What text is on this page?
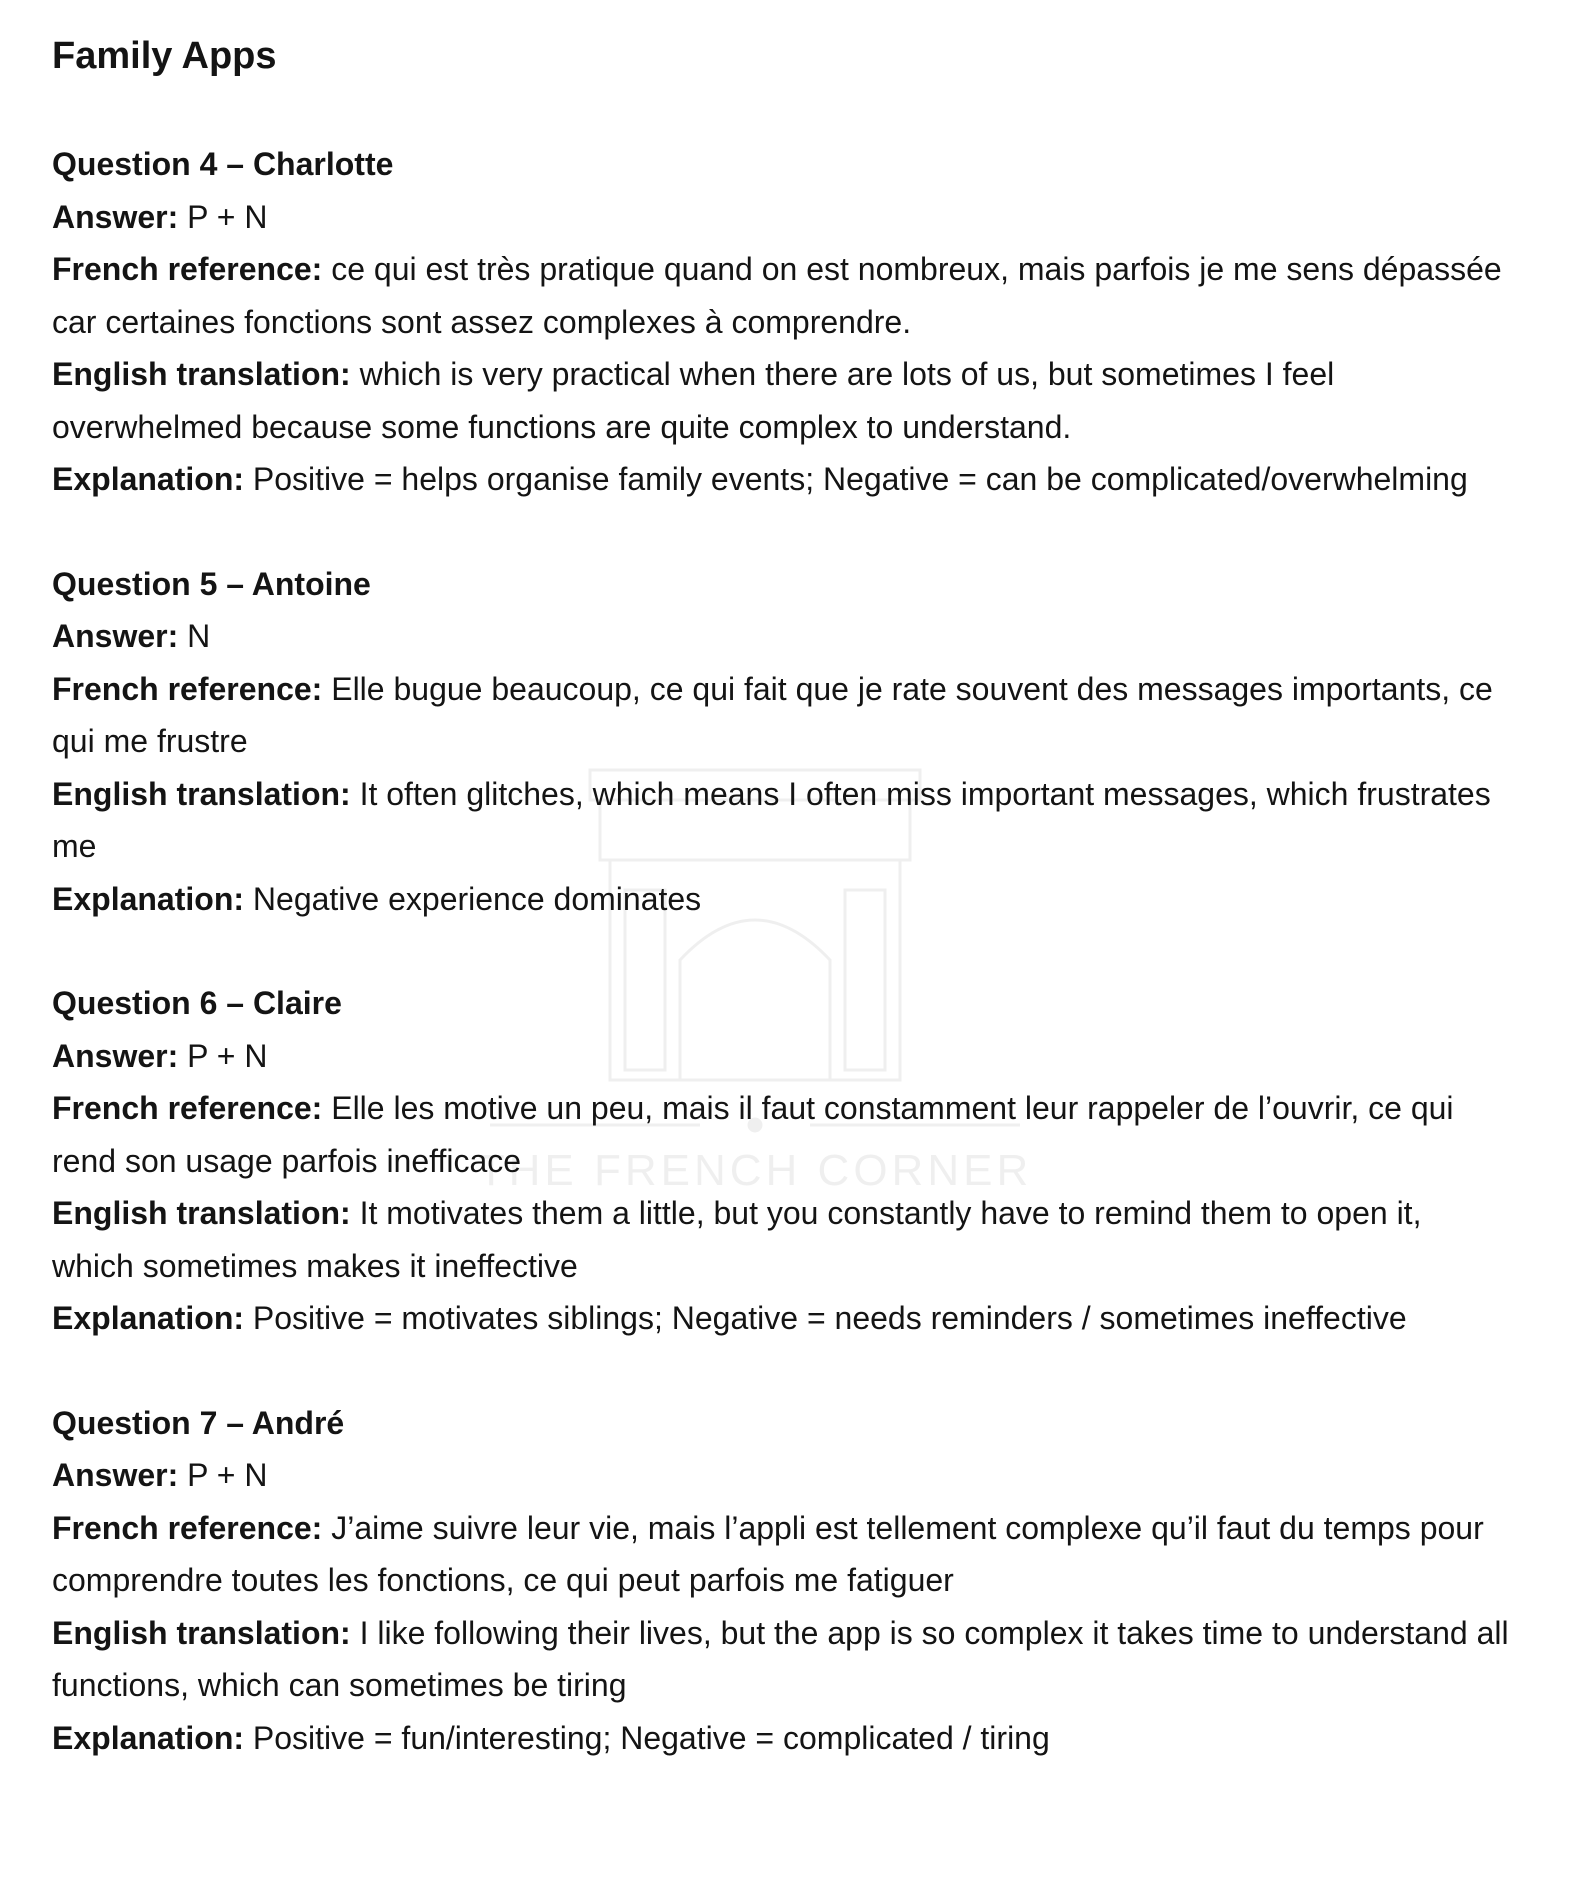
THE FRENCH CORNER
Family Apps
Question 4 – Charlotte
Answer: P + N
French reference: ce qui est très pratique quand on est nombreux, mais parfois je me sens dépassée car certaines fonctions sont assez complexes à comprendre.
English translation: which is very practical when there are lots of us, but sometimes I feel overwhelmed because some functions are quite complex to understand.
Explanation: Positive = helps organise family events; Negative = can be complicated/overwhelming
Question 5 – Antoine
Answer: N
French reference: Elle bugue beaucoup, ce qui fait que je rate souvent des messages importants, ce qui me frustre
English translation: It often glitches, which means I often miss important messages, which frustrates me
Explanation: Negative experience dominates
Question 6 – Claire
Answer: P + N
French reference: Elle les motive un peu, mais il faut constamment leur rappeler de l’ouvrir, ce qui rend son usage parfois inefficace
English translation: It motivates them a little, but you constantly have to remind them to open it, which sometimes makes it ineffective
Explanation: Positive = motivates siblings; Negative = needs reminders / sometimes ineffective
Question 7 – André
Answer: P + N
French reference: J’aime suivre leur vie, mais l’appli est tellement complexe qu’il faut du temps pour comprendre toutes les fonctions, ce qui peut parfois me fatiguer
English translation: I like following their lives, but the app is so complex it takes time to understand all functions, which can sometimes be tiring
Explanation: Positive = fun/interesting; Negative = complicated / tiring
